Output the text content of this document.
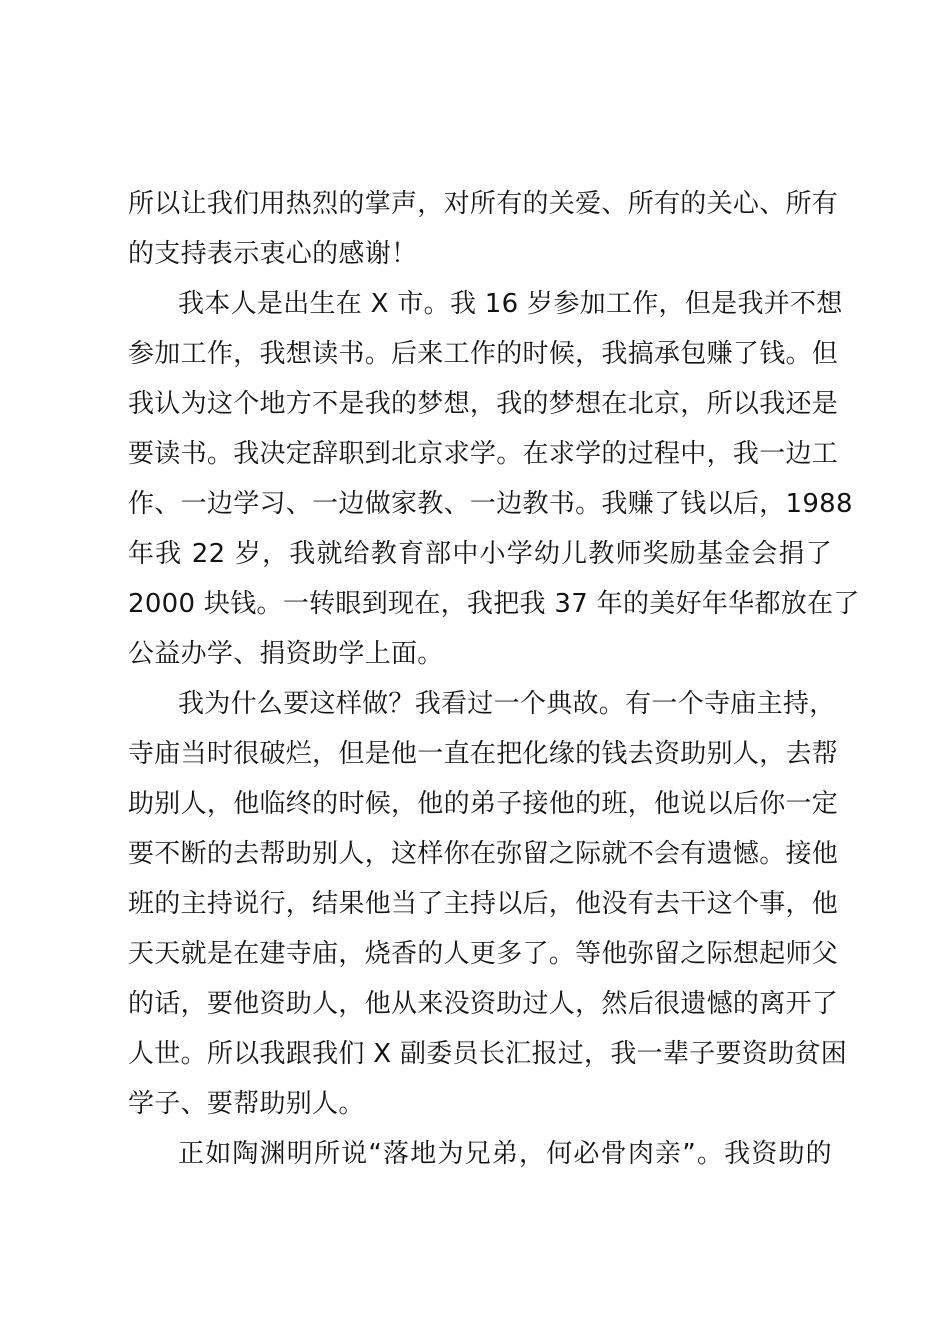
所以让我们用热烈的掌声，对所有的关爱、所有的关心、所有
的支持表示衷心的感谢！
我本人是出生在 X 市。我 16 岁参加工作，但是我并不想
参加工作，我想读书。后来工作的时候，我搞承包赚了钱。但
我认为这个地方不是我的梦想，我的梦想在北京，所以我还是
要读书。我决定辞职到北京求学。在求学的过程中，我一边工
作、一边学习、一边做家教、一边教书。我赚了钱以后，1988
年我 22 岁，我就给教育部中小学幼儿教师奖励基金会捐了
2000 块钱。一转眼到现在，我把我 37 年的美好年华都放在了
公益办学、捐资助学上面。
我为什么要这样做？我看过一个典故。有一个寺庙主持，
寺庙当时很破烂，但是他一直在把化缘的钱去资助别人，去帮
助别人，他临终的时候，他的弟子接他的班，他说以后你一定
要不断的去帮助别人，这样你在弥留之际就不会有遗憾。接他
班的主持说行，结果他当了主持以后，他没有去干这个事，他
天天就是在建寺庙，烧香的人更多了。等他弥留之际想起师父
的话，要他资助人，他从来没资助过人，然后很遗憾的离开了
人世。所以我跟我们 X 副委员长汇报过，我一辈子要资助贫困
学子、要帮助别人。
正如陶渊明所说“落地为兄弟，何必骨肉亲”。我资助的
